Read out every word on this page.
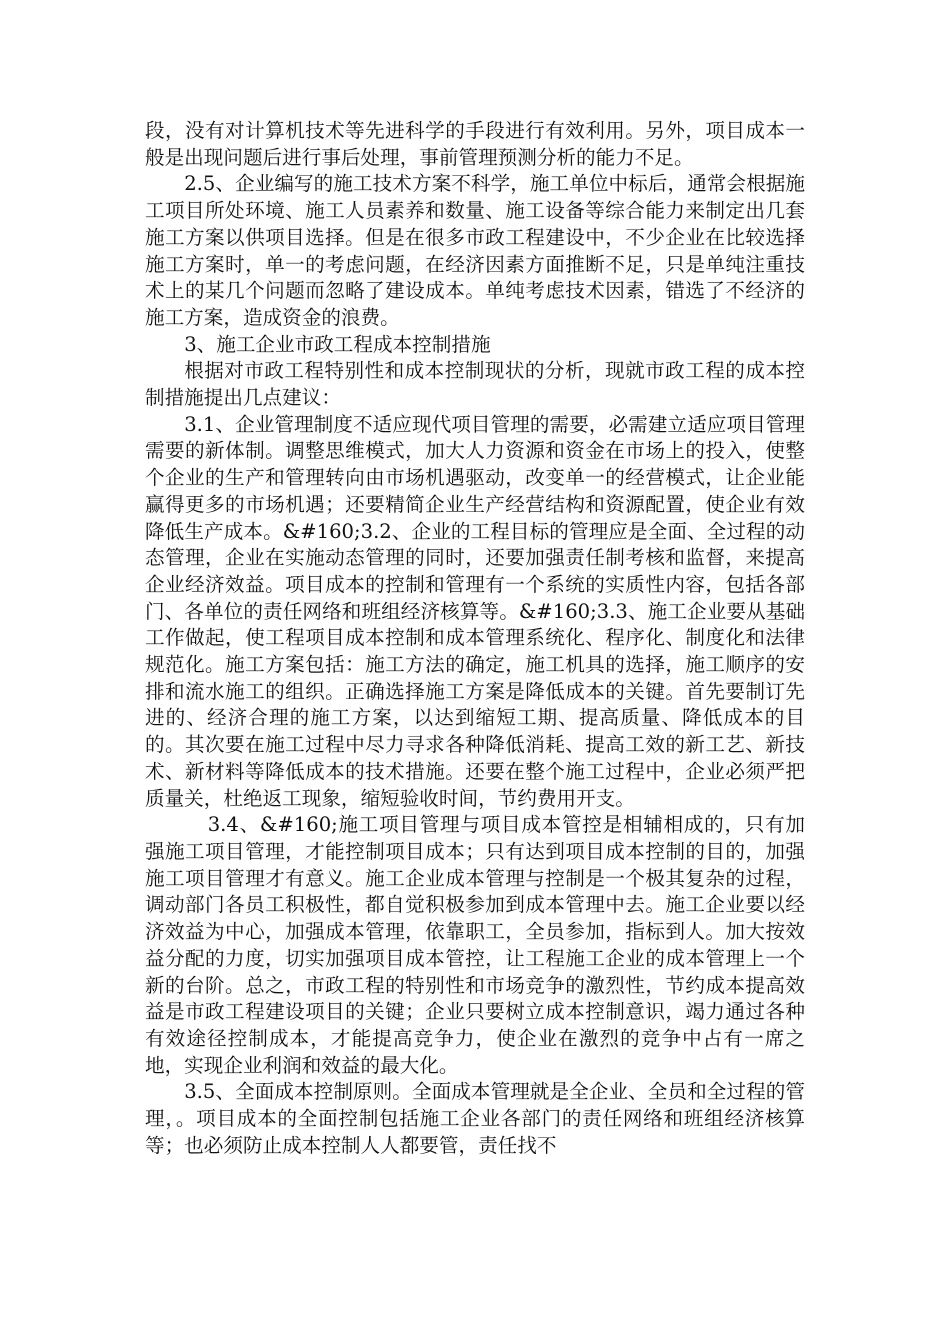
段，没有对计算机技术等先进科学的手段进行有效利用。另外，项目成本一般是出现问题后进行事后处理，事前管理预测分析的能力不足。

2.5、企业编写的施工技术方案不科学，施工单位中标后，通常会根据施工项目所处环境、施工人员素养和数量、施工设备等综合能力来制定出几套施工方案以供项目选择。但是在很多市政工程建设中，不少企业在比较选择施工方案时，单一的考虑问题，在经济因素方面推断不足，只是单纯注重技术上的某几个问题而忽略了建设成本。单纯考虑技术因素，错选了不经济的施工方案，造成资金的浪费。

3、施工企业市政工程成本控制措施

根据对市政工程特别性和成本控制现状的分析，现就市政工程的成本控制措施提出几点建议：

3.1、企业管理制度不适应现代项目管理的需要，必需建立适应项目管理需要的新体制。调整思维模式，加大人力资源和资金在市场上的投入，使整个企业的生产和管理转向由市场机遇驱动，改变单一的经营模式，让企业能赢得更多的市场机遇；还要精简企业生产经营结构和资源配置，使企业有效降低生产成本。&#160;3.2、企业的工程目标的管理应是全面、全过程的动态管理，企业在实施动态管理的同时，还要加强责任制考核和监督，来提高企业经济效益。项目成本的控制和管理有一个系统的实质性内容，包括各部门、各单位的责任网络和班组经济核算等。&#160;3.3、施工企业要从基础工作做起，使工程项目成本控制和成本管理系统化、程序化、制度化和法律规范化。施工方案包括：施工方法的确定，施工机具的选择，施工顺序的安排和流水施工的组织。正确选择施工方案是降低成本的关键。首先要制订先进的、经济合理的施工方案，以达到缩短工期、提高质量、降低成本的目的。其次要在施工过程中尽力寻求各种降低消耗、提高工效的新工艺、新技术、新材料等降低成本的技术措施。还要在整个施工过程中，企业必须严把质量关，杜绝返工现象，缩短验收时间，节约费用开支。

3.4、&#160;施工项目管理与项目成本管控是相辅相成的，只有加强施工项目管理，才能控制项目成本；只有达到项目成本控制的目的，加强施工项目管理才有意义。施工企业成本管理与控制是一个极其复杂的过程，调动部门各员工积极性，都自觉积极参加到成本管理中去。施工企业要以经济效益为中心，加强成本管理，依靠职工，全员参加，指标到人。加大按效益分配的力度，切实加强项目成本管控，让工程施工企业的成本管理上一个新的台阶。总之，市政工程的特别性和市场竞争的激烈性，节约成本提高效益是市政工程建设项目的关键；企业只要树立成本控制意识，竭力通过各种有效途径控制成本，才能提高竞争力，使企业在激烈的竞争中占有一席之地，实现企业利润和效益的最大化。

3.5、全面成本控制原则。全面成本管理就是全企业、全员和全过程的管理，。项目成本的全面控制包括施工企业各部门的责任网络和班组经济核算等；也必须防止成本控制人人都要管，责任找不
